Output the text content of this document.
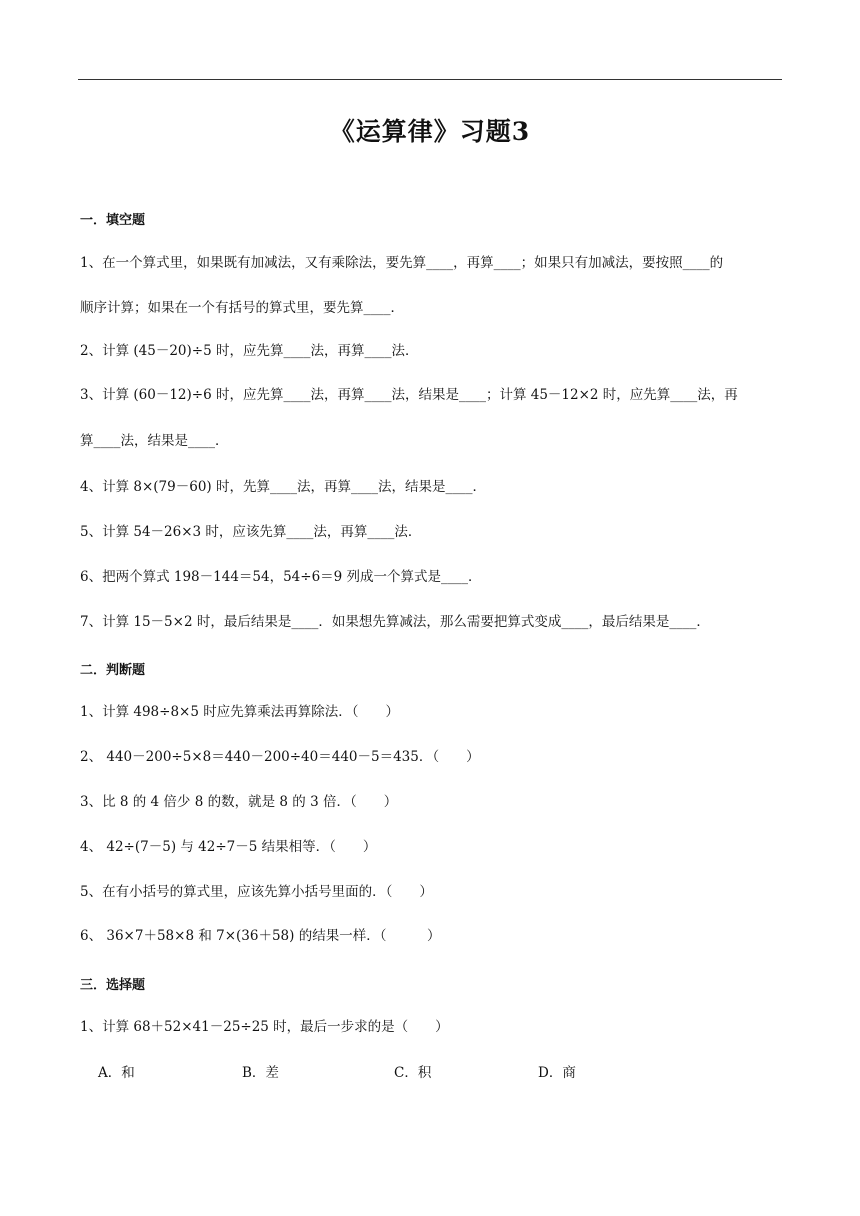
《运算律》习题3
一．填空题
1、在一个算式里，如果既有加减法，又有乘除法，要先算____，再算____；如果只有加减法，要按照____的
顺序计算；如果在一个有括号的算式里，要先算____．
2、计算 (45－20)÷5 时，应先算____法，再算____法．
3、计算 (60－12)÷6 时，应先算____法，再算____法，结果是____；计算 45－12×2 时，应先算____法，再
算____法，结果是____．
4、计算 8×(79－60) 时，先算____法，再算____法，结果是____．
5、计算 54－26×3 时，应该先算____法，再算____法．
6、把两个算式 198－144＝54，54÷6＝9 列成一个算式是____．
7、计算 15－5×2 时，最后结果是____．如果想先算减法，那么需要把算式变成____，最后结果是____．
二．判断题
1、计算 498÷8×5 时应先算乘法再算除法．（　　）
2、 440－200÷5×8＝440－200÷40＝440－5＝435．（　　）
3、比 8 的 4 倍少 8 的数，就是 8 的 3 倍．（　　）
4、 42÷(7－5) 与 42÷7－5 结果相等．（　　）
5、在有小括号的算式里，应该先算小括号里面的．（　　）
6、 36×7＋58×8 和 7×(36＋58) 的结果一样．（　　　）
三．选择题
1、计算 68＋52×41－25÷25 时，最后一步求的是（　　）
A．和	B．差	C．积	D．商
